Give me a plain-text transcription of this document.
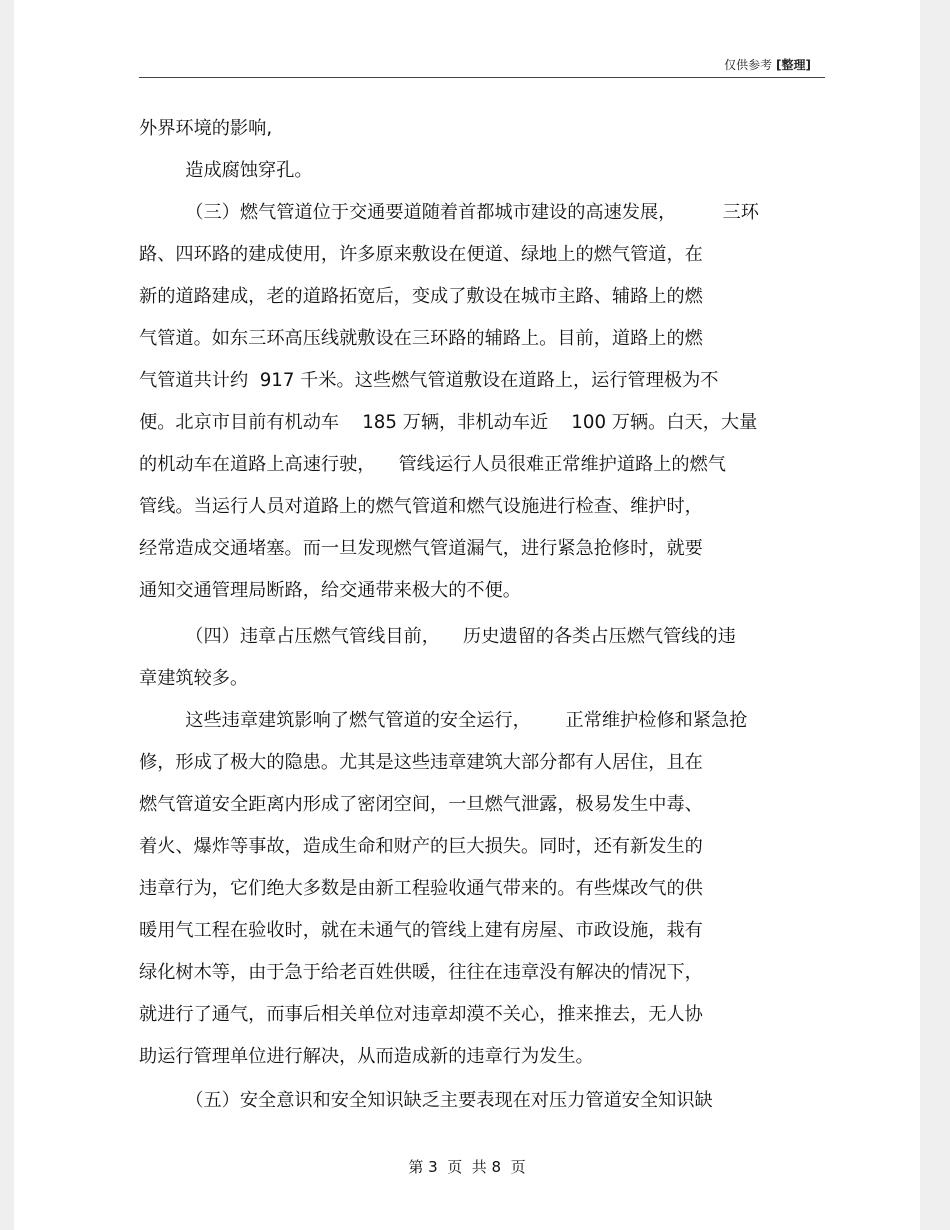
仅供参考 [整理]
外界环境的影响,
造成腐蚀穿孔。
（三）燃气管道位于交通要道随着首都城市建设的高速发展，        三环
路、四环路的建成使用，许多原来敷设在便道、绿地上的燃气管道，在
新的道路建成，老的道路拓宽后，变成了敷设在城市主路、辅路上的燃
气管道。如东三环高压线就敷设在三环路的辅路上。目前，道路上的燃
气管道共计约  917 千米。这些燃气管道敷设在道路上，运行管理极为不
便。北京市目前有机动车    185 万辆，非机动车近    100 万辆。白天，大量
的机动车在道路上高速行驶，    管线运行人员很难正常维护道路上的燃气
管线。当运行人员对道路上的燃气管道和燃气设施进行检查、维护时，
经常造成交通堵塞。而一旦发现燃气管道漏气，进行紧急抢修时，就要
通知交通管理局断路，给交通带来极大的不便。
（四）违章占压燃气管线目前，    历史遗留的各类占压燃气管线的违
章建筑较多。
这些违章建筑影响了燃气管道的安全运行，      正常维护检修和紧急抢
修，形成了极大的隐患。尤其是这些违章建筑大部分都有人居住，且在
燃气管道安全距离内形成了密闭空间，一旦燃气泄露，极易发生中毒、
着火、爆炸等事故，造成生命和财产的巨大损失。同时，还有新发生的
违章行为，它们绝大多数是由新工程验收通气带来的。有些煤改气的供
暖用气工程在验收时，就在未通气的管线上建有房屋、市政设施，栽有
绿化树木等，由于急于给老百姓供暖，往往在违章没有解决的情况下，
就进行了通气，而事后相关单位对违章却漠不关心，推来推去，无人协
助运行管理单位进行解决，从而造成新的违章行为发生。
（五）安全意识和安全知识缺乏主要表现在对压力管道安全知识缺
第 3  页  共 8  页
